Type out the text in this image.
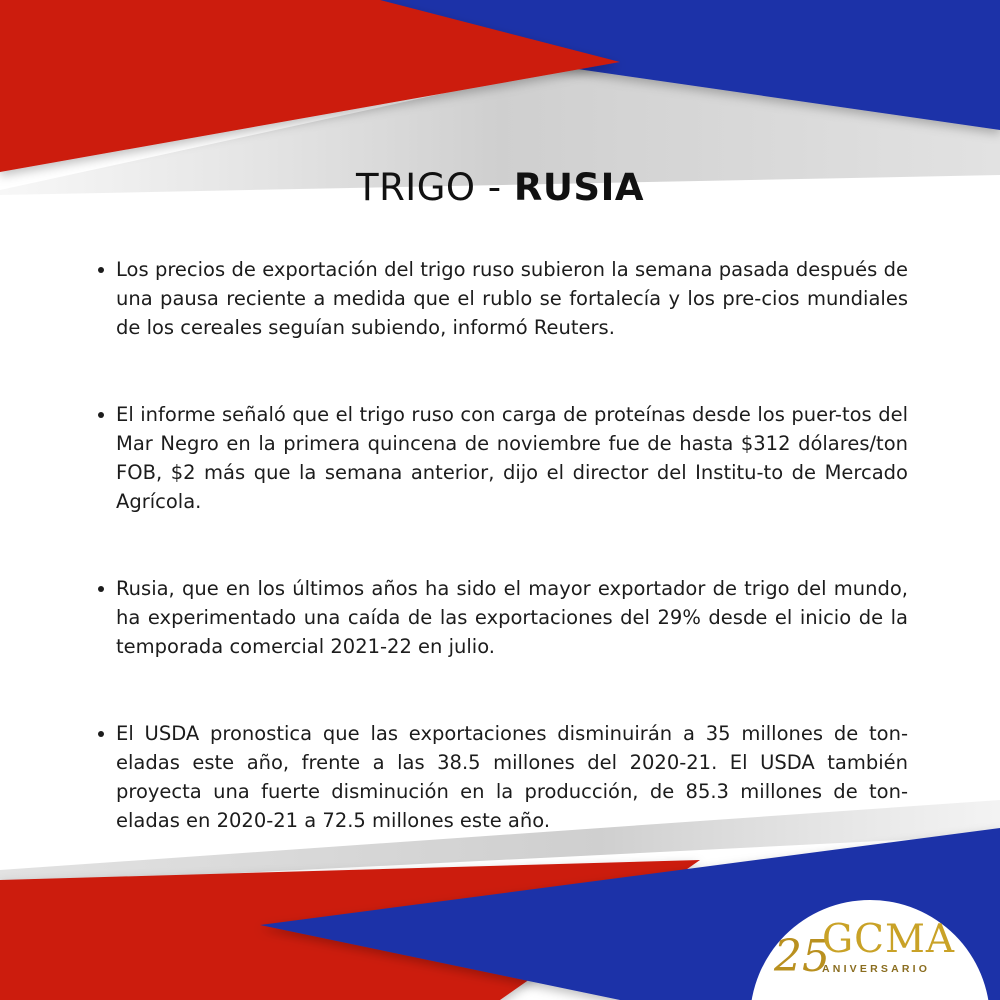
TRIGO - RUSIA
Los precios de exportación del trigo ruso subieron la semana pasada después de una pausa reciente a medida que el rublo se fortalecía y los pre-cios mundiales de los cereales seguían subiendo, informó Reuters.
El informe señaló que el trigo ruso con carga de proteínas desde los puer-tos del Mar Negro en la primera quincena de noviembre fue de hasta $312 dólares/ton FOB, $2 más que la semana anterior, dijo el director del Institu-to de Mercado Agrícola.
Rusia, que en los últimos años ha sido el mayor exportador de trigo del mundo, ha experimentado una caída de las exportaciones del 29% desde el inicio de la temporada comercial 2021-22 en julio.
El USDA pronostica que las exportaciones disminuirán a 35 millones de ton-eladas este año, frente a las 38.5 millones del 2020-21. El USDA también proyecta una fuerte disminución en la producción, de 85.3 millones de ton-eladas en 2020-21 a 72.5 millones este año.
25
GCMA
ANIVERSARIO
